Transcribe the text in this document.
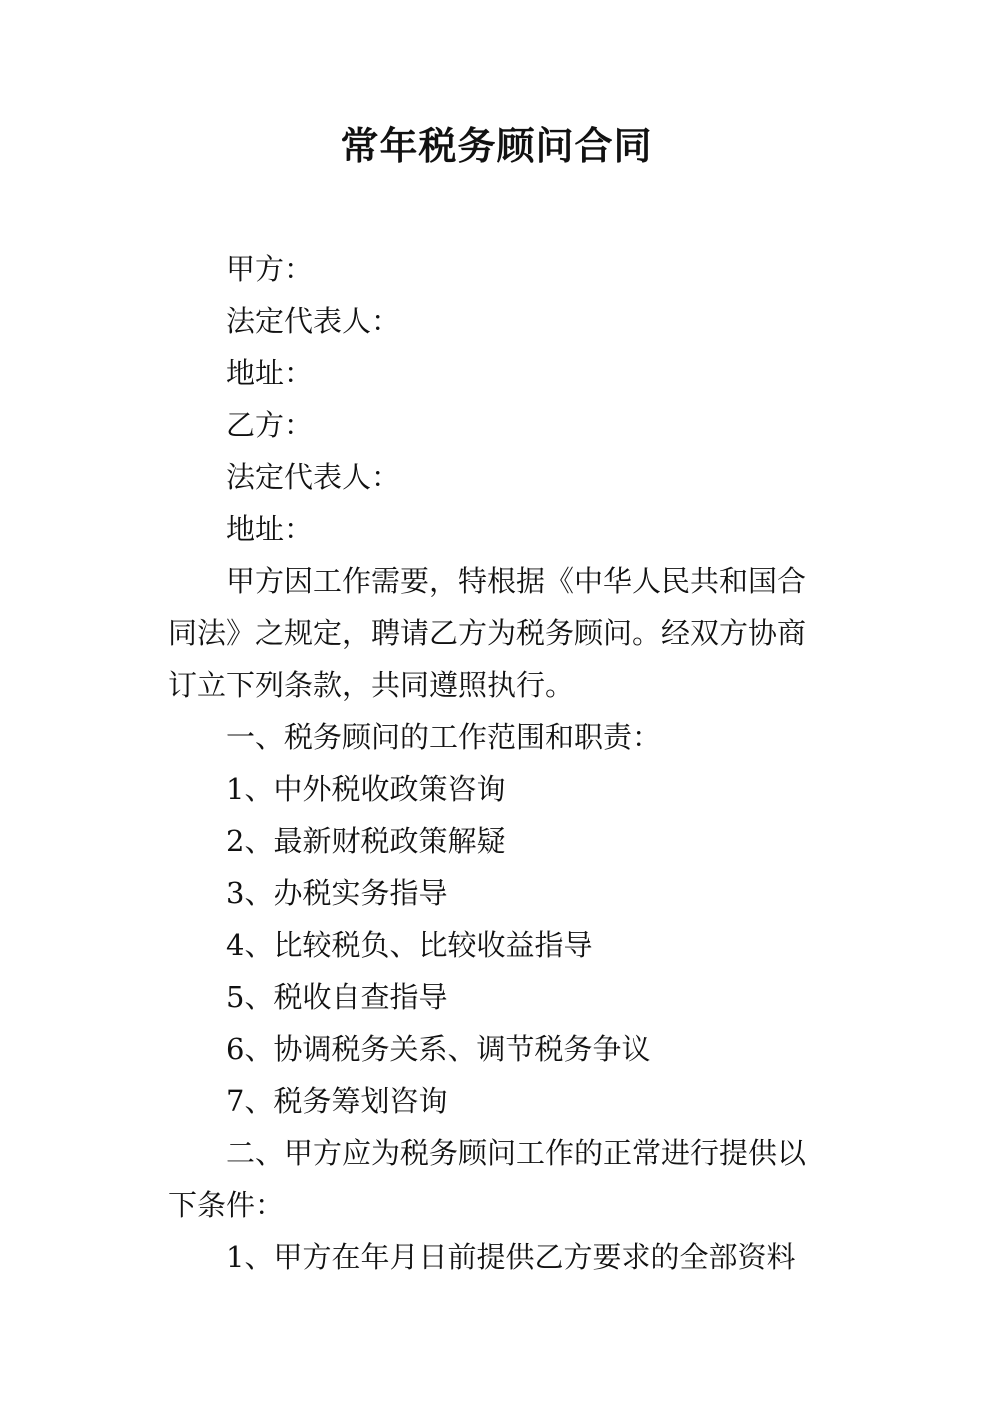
常年税务顾问合同
甲方：
法定代表人：
地址：
乙方：
法定代表人：
地址：
甲方因工作需要，特根据《中华人民共和国合
同法》之规定，聘请乙方为税务顾问。经双方协商
订立下列条款，共同遵照执行。
一、税务顾问的工作范围和职责：
1、中外税收政策咨询
2、最新财税政策解疑
3、办税实务指导
4、比较税负、比较收益指导
5、税收自查指导
6、协调税务关系、调节税务争议
7、税务筹划咨询
二、甲方应为税务顾问工作的正常进行提供以
下条件：
1、甲方在年月日前提供乙方要求的全部资料
